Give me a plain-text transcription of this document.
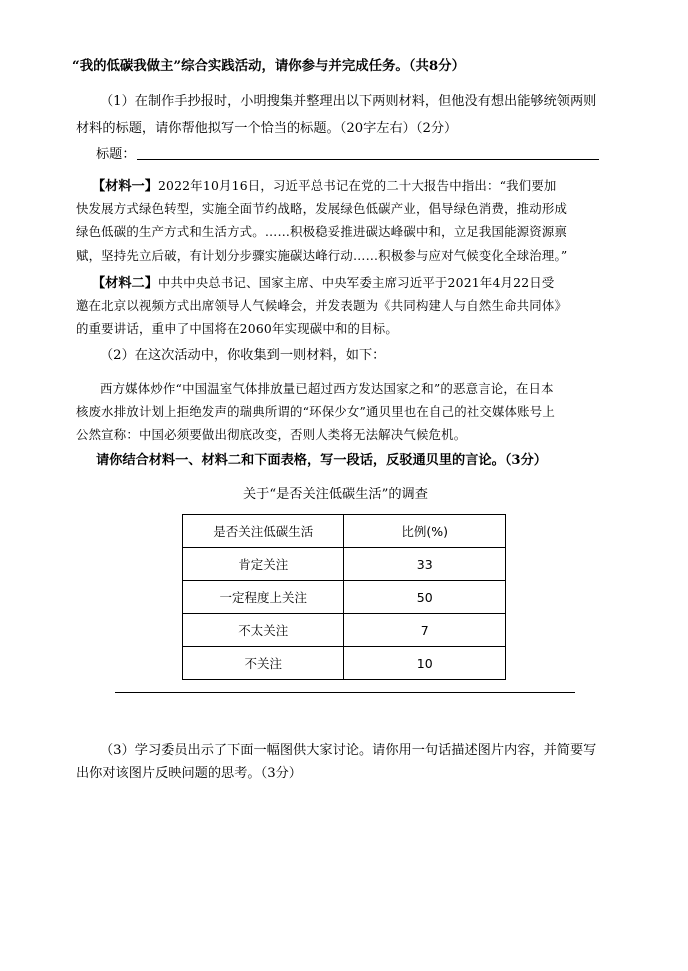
“我的低碳我做主”综合实践活动，请你参与并完成任务。（共8分）
（1）在制作手抄报时，小明搜集并整理出以下两则材料，但他没有想出能够统领两则
材料的标题，请你帮他拟写一个恰当的标题。（20字左右）（2分）
标题：
【材料一】2022年10月16日，习近平总书记在党的二十大报告中指出：“我们要加
快发展方式绿色转型，实施全面节约战略，发展绿色低碳产业，倡导绿色消费，推动形成
绿色低碳的生产方式和生活方式。……积极稳妥推进碳达峰碳中和，立足我国能源资源禀
赋，坚持先立后破，有计划分步骤实施碳达峰行动……积极参与应对气候变化全球治理。”
【材料二】中共中央总书记、国家主席、中央军委主席习近平于2021年4月22日受
邀在北京以视频方式出席领导人气候峰会，并发表题为《共同构建人与自然生命共同体》
的重要讲话，重申了中国将在2060年实现碳中和的目标。
（2）在这次活动中，你收集到一则材料，如下：
西方媒体炒作“中国温室气体排放量已超过西方发达国家之和”的恶意言论，在日本
核废水排放计划上拒绝发声的瑞典所谓的“环保少女”通贝里也在自己的社交媒体账号上
公然宣称：中国必须要做出彻底改变，否则人类将无法解决气候危机。
请你结合材料一、材料二和下面表格，写一段话，反驳通贝里的言论。（3分）
关于“是否关注低碳生活”的调查
是否关注低碳生活	比例(%)
肯定关注	33
一定程度上关注	50
不太关注	7
不关注	10
（3）学习委员出示了下面一幅图供大家讨论。请你用一句话描述图片内容，并简要写
出你对该图片反映问题的思考。（3分）
